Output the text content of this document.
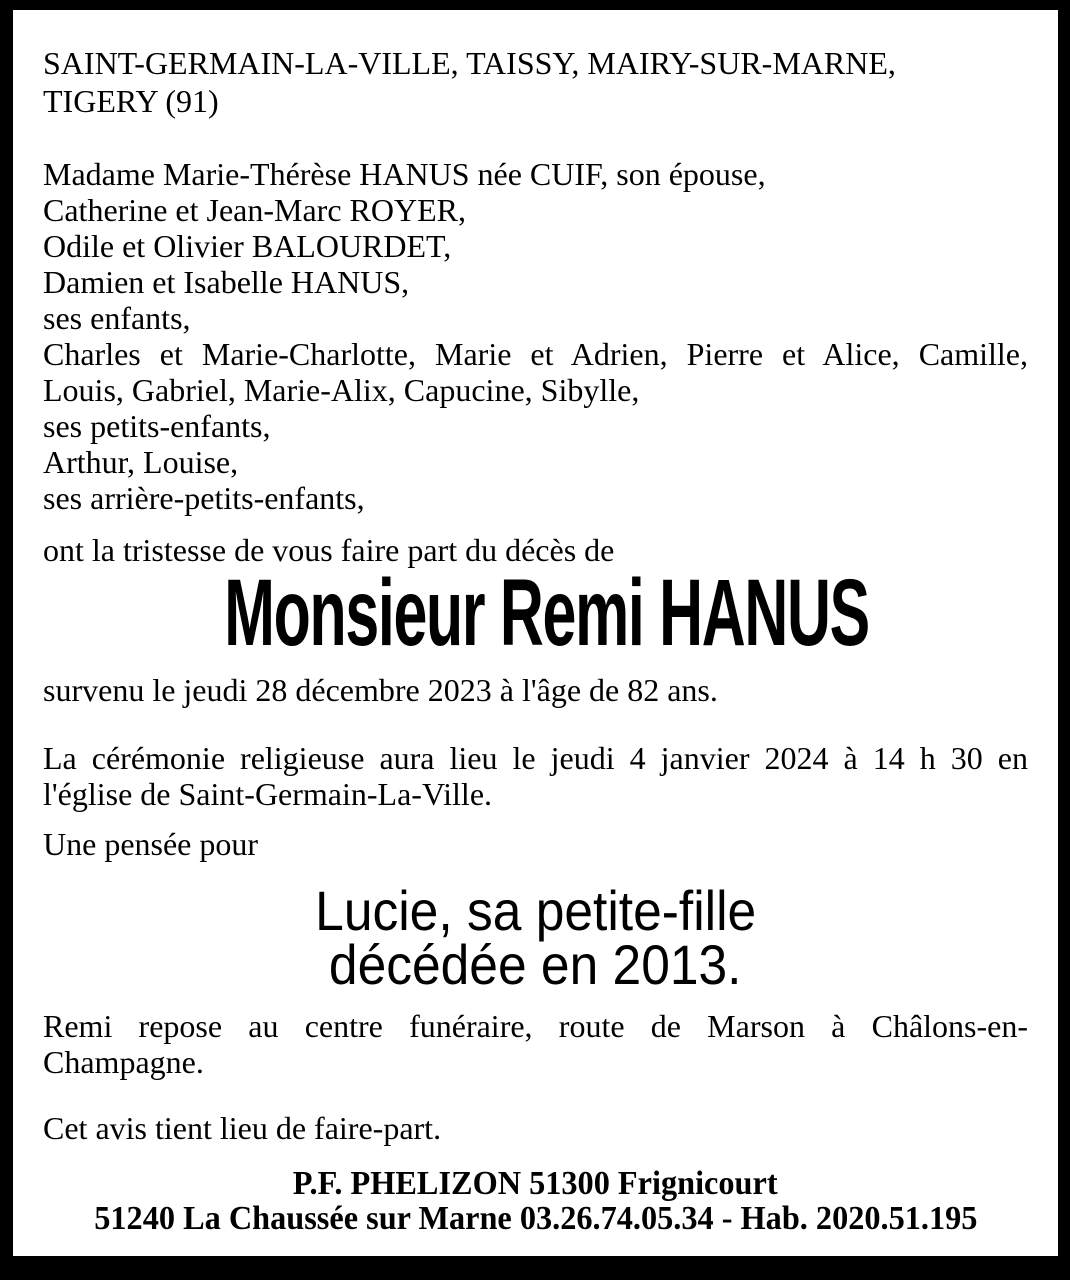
SAINT-GERMAIN-LA-VILLE, TAISSY, MAIRY-SUR-MARNE,
TIGERY (91)
Madame Marie-Thérèse HANUS née CUIF, son épouse,
Catherine et Jean-Marc ROYER,
Odile et Olivier BALOURDET,
Damien et Isabelle HANUS,
ses enfants,
Charles et Marie-Charlotte, Marie et Adrien, Pierre et Alice, Camille,
Louis, Gabriel, Marie-Alix, Capucine, Sibylle,
ses petits-enfants,
Arthur, Louise,
ses arrière-petits-enfants,
ont la tristesse de vous faire part du décès de
Monsieur Remi HANUS
survenu le jeudi 28 décembre 2023 à l'âge de 82 ans.
La cérémonie religieuse aura lieu le jeudi 4 janvier 2024 à 14 h 30 en
l'église de Saint-Germain-La-Ville.
Une pensée pour
Lucie, sa petite-fille
décédée en 2013.
Remi repose au centre funéraire, route de Marson à Châlons-en-
Champagne.
Cet avis tient lieu de faire-part.
P.F. PHELIZON 51300 Frignicourt
51240 La Chaussée sur Marne 03.26.74.05.34 - Hab. 2020.51.195
